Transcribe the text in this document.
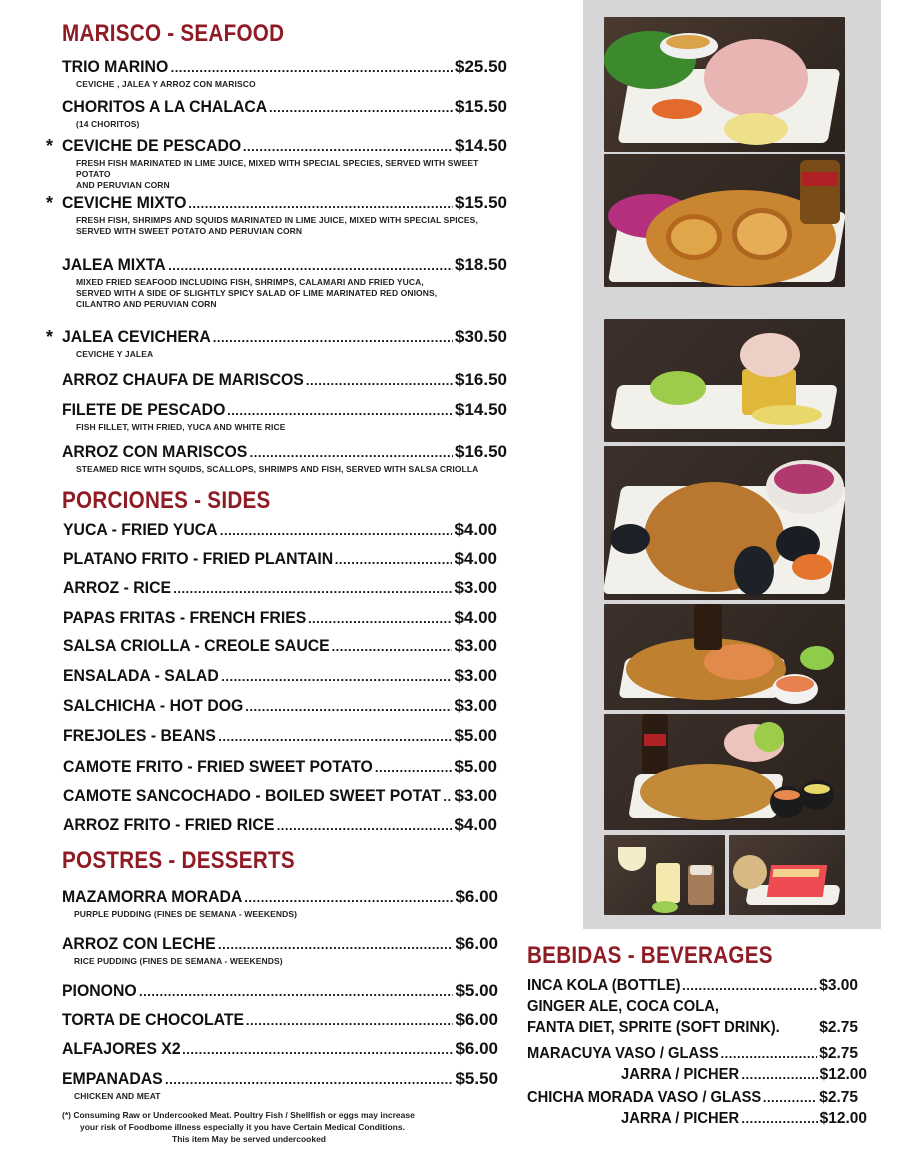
MARISCO - SEAFOOD
TRIO MARINO .....	$25.50
CEVICHE , JALEA Y ARROZ CON MARISCO
CHORITOS A LA CHALACA .....	$15.50
(14 CHORITOS)
* CEVICHE DE PESCADO .....	$14.50
FRESH FISH MARINATED IN LIME JUICE, MIXED WITH SPECIAL SPECIES, SERVED WITH SWEET POTATO
AND PERUVIAN CORN
* CEVICHE MIXTO .....	$15.50
FRESH FISH, SHRIMPS AND SQUIDS MARINATED IN LIME JUICE, MIXED WITH SPECIAL SPICES,
SERVED WITH SWEET POTATO AND PERUVIAN CORN
JALEA MIXTA .....	$18.50
MIXED FRIED SEAFOOD INCLUDING FISH, SHRIMPS, CALAMARI AND FRIED YUCA,
SERVED WITH A SIDE OF SLIGHTLY SPICY SALAD OF LIME MARINATED RED ONIONS,
CILANTRO AND PERUVIAN CORN
* JALEA CEVICHERA .....	$30.50
CEVICHE Y JALEA
ARROZ CHAUFA DE MARISCOS .....	$16.50
FILETE DE PESCADO .....	$14.50
FISH FILLET, WITH FRIED, YUCA AND WHITE RICE
ARROZ CON MARISCOS .....	$16.50
STEAMED RICE WITH SQUIDS, SCALLOPS, SHRIMPS AND FISH, SERVED WITH SALSA CRIOLLA
PORCIONES - SIDES
YUCA - FRIED YUCA .....	$4.00
PLATANO FRITO - FRIED PLANTAIN .....	$4.00
ARROZ - RICE .....	$3.00
PAPAS FRITAS - FRENCH FRIES .....	$4.00
SALSA CRIOLLA - CREOLE SAUCE .....	$3.00
ENSALADA - SALAD .....	$3.00
SALCHICHA - HOT DOG .....	$3.00
FREJOLES - BEANS .....	$5.00
CAMOTE FRITO - FRIED SWEET POTATO .....	$5.00
CAMOTE SANCOCHADO - BOILED SWEET POTAT ..... $3.00
ARROZ FRITO - FRIED RICE .....	$4.00
POSTRES - DESSERTS
MAZAMORRA MORADA .....	$6.00
PURPLE PUDDING (FINES DE SEMANA - WEEKENDS)
ARROZ CON LECHE .....	$6.00
RICE PUDDING (FINES DE SEMANA - WEEKENDS)
PIONONO .....	$5.00
TORTA DE CHOCOLATE .....	$6.00
ALFAJORES X2 .....	$6.00
EMPANADAS .....	$5.50
CHICKEN AND MEAT
(*) Consuming Raw or Undercooked Meat. Poultry Fish / Shellfish or eggs may increase
your risk of Foodbome illness especially it you have Certain Medical Conditions.
This item May be served undercooked
BEBIDAS - BEVERAGES
INCA KOLA (BOTTLE) .....	$3.00
GINGER ALE, COCA COLA,
FANTA DIET, SPRITE (SOFT DRINK).	$2.75
MARACUYA VASO / GLASS .....	$2.75
JARRA / PICHER .....	$12.00
CHICHA MORADA VASO / GLASS .....	$2.75
JARRA / PICHER .....	$12.00
